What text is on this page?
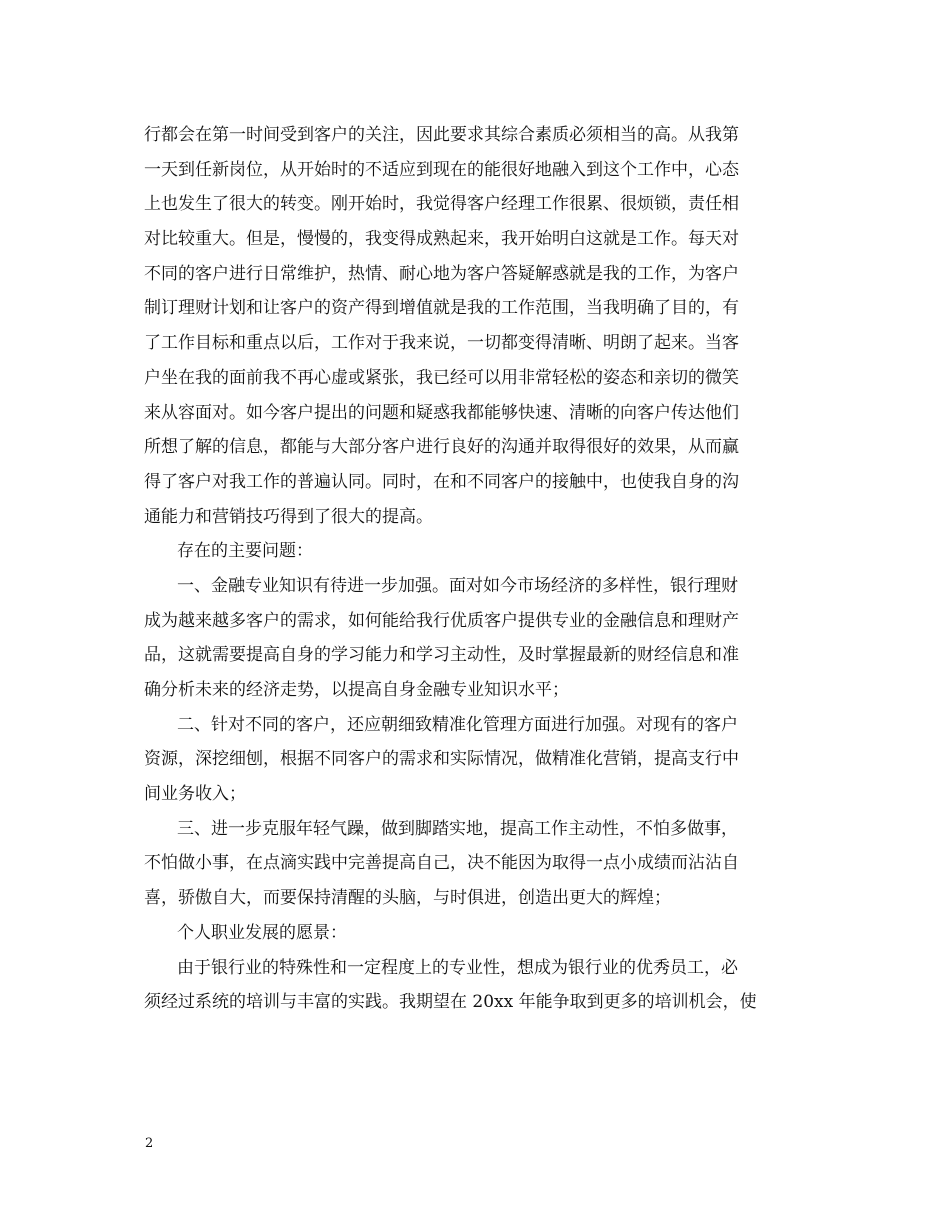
行都会在第一时间受到客户的关注，因此要求其综合素质必须相当的高。从我第
一天到任新岗位，从开始时的不适应到现在的能很好地融入到这个工作中，心态
上也发生了很大的转变。刚开始时，我觉得客户经理工作很累、很烦锁，责任相
对比较重大。但是，慢慢的，我变得成熟起来，我开始明白这就是工作。每天对
不同的客户进行日常维护，热情、耐心地为客户答疑解惑就是我的工作，为客户
制订理财计划和让客户的资产得到增值就是我的工作范围，当我明确了目的，有
了工作目标和重点以后，工作对于我来说，一切都变得清晰、明朗了起来。当客
户坐在我的面前我不再心虚或紧张，我已经可以用非常轻松的姿态和亲切的微笑
来从容面对。如今客户提出的问题和疑惑我都能够快速、清晰的向客户传达他们
所想了解的信息，都能与大部分客户进行良好的沟通并取得很好的效果，从而赢
得了客户对我工作的普遍认同。同时，在和不同客户的接触中，也使我自身的沟
通能力和营销技巧得到了很大的提高。
存在的主要问题：
一、金融专业知识有待进一步加强。面对如今市场经济的多样性，银行理财
成为越来越多客户的需求，如何能给我行优质客户提供专业的金融信息和理财产
品，这就需要提高自身的学习能力和学习主动性，及时掌握最新的财经信息和准
确分析未来的经济走势，以提高自身金融专业知识水平；
二、针对不同的客户，还应朝细致精准化管理方面进行加强。对现有的客户
资源，深挖细刨，根据不同客户的需求和实际情况，做精准化营销，提高支行中
间业务收入；
三、进一步克服年轻气躁，做到脚踏实地，提高工作主动性，不怕多做事，
不怕做小事，在点滴实践中完善提高自己，决不能因为取得一点小成绩而沾沾自
喜，骄傲自大，而要保持清醒的头脑，与时俱进，创造出更大的辉煌；
个人职业发展的愿景：
由于银行业的特殊性和一定程度上的专业性，想成为银行业的优秀员工，必
须经过系统的培训与丰富的实践。我期望在 20xx 年能争取到更多的培训机会，使
2
